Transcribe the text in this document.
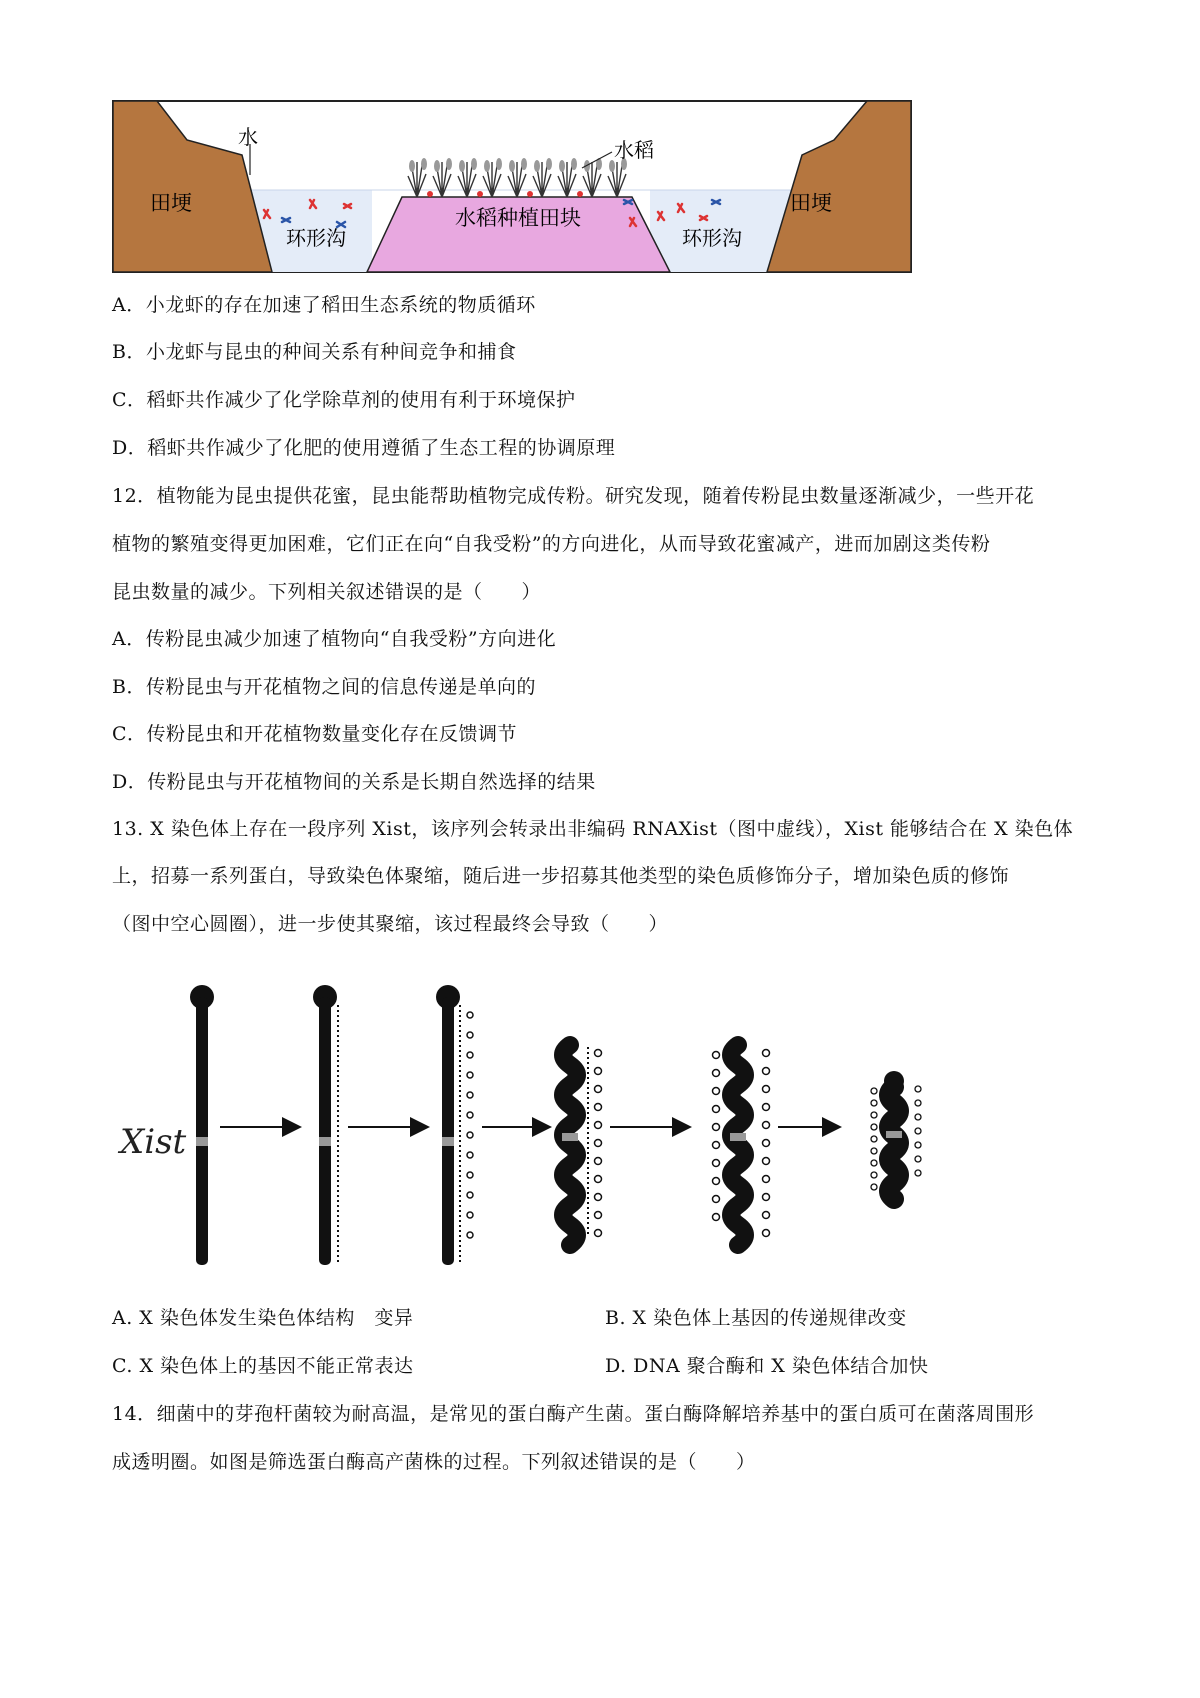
水
水稻
田埂	田埂
水稻种植田块
环形沟	环形沟
A．小龙虾的存在加速了稻田生态系统的物质循环
B．小龙虾与昆虫的种间关系有种间竞争和捕食
C．稻虾共作减少了化学除草剂的使用有利于环境保护
D．稻虾共作减少了化肥的使用遵循了生态工程的协调原理
12．植物能为昆虫提供花蜜，昆虫能帮助植物完成传粉。研究发现，随着传粉昆虫数量逐渐减少，一些开花
植物的繁殖变得更加困难，它们正在向“自我受粉”的方向进化，从而导致花蜜减产，进而加剧这类传粉
昆虫数量的减少。下列相关叙述错误的是（　　）
A．传粉昆虫减少加速了植物向“自我受粉”方向进化
B．传粉昆虫与开花植物之间的信息传递是单向的
C．传粉昆虫和开花植物数量变化存在反馈调节
D．传粉昆虫与开花植物间的关系是长期自然选择的结果
13. X 染色体上存在一段序列 Xist，该序列会转录出非编码 RNAXist（图中虚线），Xist 能够结合在 X 染色体
上，招募一系列蛋白，导致染色体聚缩，随后进一步招募其他类型的染色质修饰分子，增加染色质的修饰
（图中空心圆圈），进一步使其聚缩，该过程最终会导致（　　）
Xist
A. X 染色体发生染色体结构　变异	B. X 染色体上基因的传递规律改变
C. X 染色体上的基因不能正常表达	D. DNA 聚合酶和 X 染色体结合加快
14．细菌中的芽孢杆菌较为耐高温，是常见的蛋白酶产生菌。蛋白酶降解培养基中的蛋白质可在菌落周围形
成透明圈。如图是筛选蛋白酶高产菌株的过程。下列叙述错误的是（　　）
